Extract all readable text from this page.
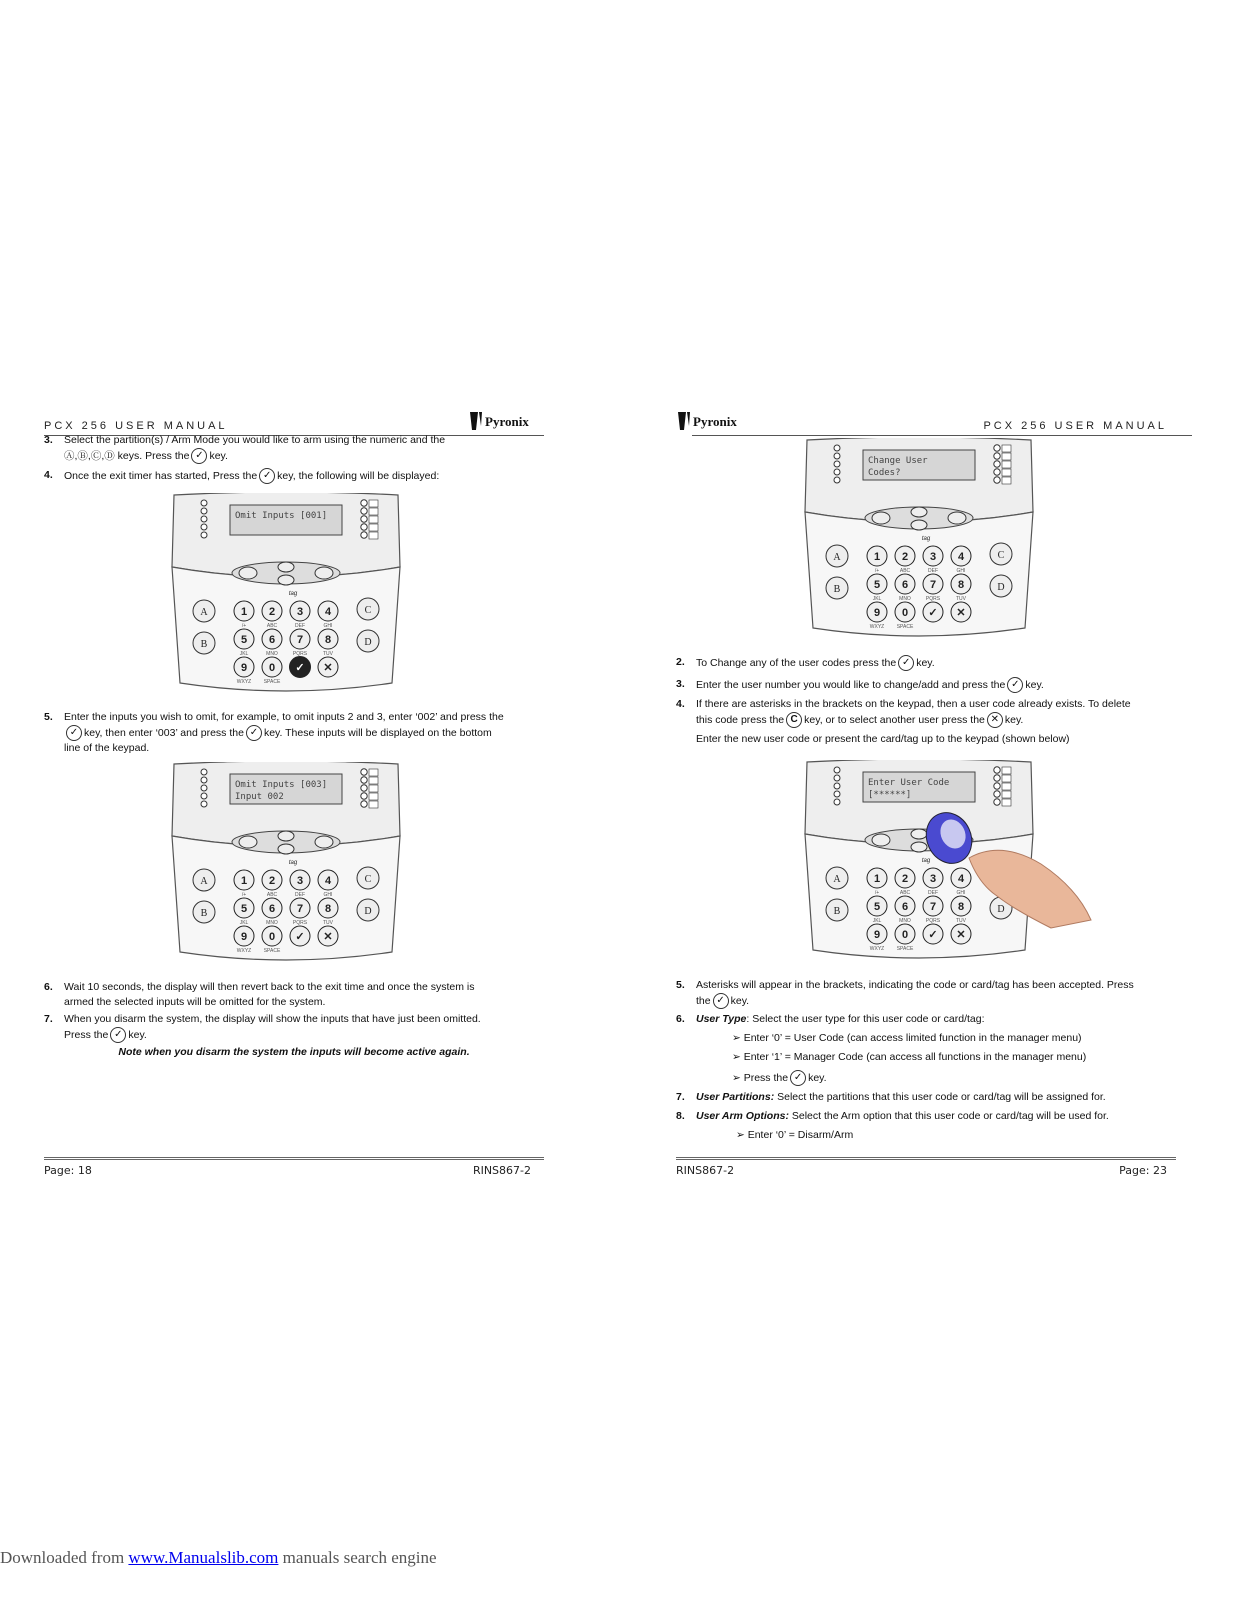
PCX 256 USER MANUAL	Pyronix
3. Select the partition(s) / Arm Mode you would like to arm using the numeric and the
Ⓐ,Ⓑ,Ⓒ,Ⓓ keys. Press the ✓ key.
4. Once the exit timer has started, Press the ✓ key, the following will be displayed:
Omit Inputs [001]
tag
A
B
C
D
1
/+
2
ABC
3
DEF
4
GHI
5
JKL
6
MNO
7
PQRS
8
TUV
9
WXYZ
0
SPACE
✓ ✕
5. Enter the inputs you wish to omit, for example, to omit inputs 2 and 3, enter ‘002’ and press the
✓ key, then enter ‘003’ and press the ✓ key. These inputs will be displayed on the bottom
line of the keypad.
Omit Inputs [003]
Input 002
tag
A
B
C
D
1
/+
2
ABC
3
DEF
4
GHI
5
JKL
6
MNO
7
PQRS
8
TUV
9
WXYZ
0
SPACE
✓ ✕
6. Wait 10 seconds, the display will then revert back to the exit time and once the system is
armed the selected inputs will be omitted for the system.
7. When you disarm the system, the display will show the inputs that have just been omitted.
Press the ✓ key.
Note when you disarm the system the inputs will become active again.
Page: 18	RINS867-2
Pyronix	PCX 256 USER MANUAL
Change User
Codes?
tag
A
B
C
D
1
/+
2
ABC
3
DEF
4
GHI
5
JKL
6
MNO
7
PQRS
8
TUV
9
WXYZ
0
SPACE
✓ ✕
2. To Change any of the user codes press the ✓ key.
3. Enter the user number you would like to change/add and press the ✓ key.
4. If there are asterisks in the brackets on the keypad, then a user code already exists. To delete
this code press the C key, or to select another user press the ✕ key.
Enter the new user code or present the card/tag up to the keypad (shown below)
Enter User Code
[******]
tag
A
B	D
1
/+
2
ABC
3
DEF
4
GHI
5
JKL
6
MNO
7
PQRS
8
TUV
9
WXYZ
0
SPACE
✓ ✕
5. Asterisks will appear in the brackets, indicating the code or card/tag has been accepted. Press
the ✓ key.
6. User Type: Select the user type for this user code or card/tag:
➢ Enter ‘0’ = User Code (can access limited function in the manager menu)
➢ Enter ‘1’ = Manager Code (can access all functions in the manager menu)
➢ Press the ✓ key.
7. User Partitions: Select the partitions that this user code or card/tag will be assigned for.
8. User Arm Options: Select the Arm option that this user code or card/tag will be used for.
➢ Enter ‘0’ = Disarm/Arm
RINS867-2	Page: 23
Downloaded from www.Manualslib.com manuals search engine
